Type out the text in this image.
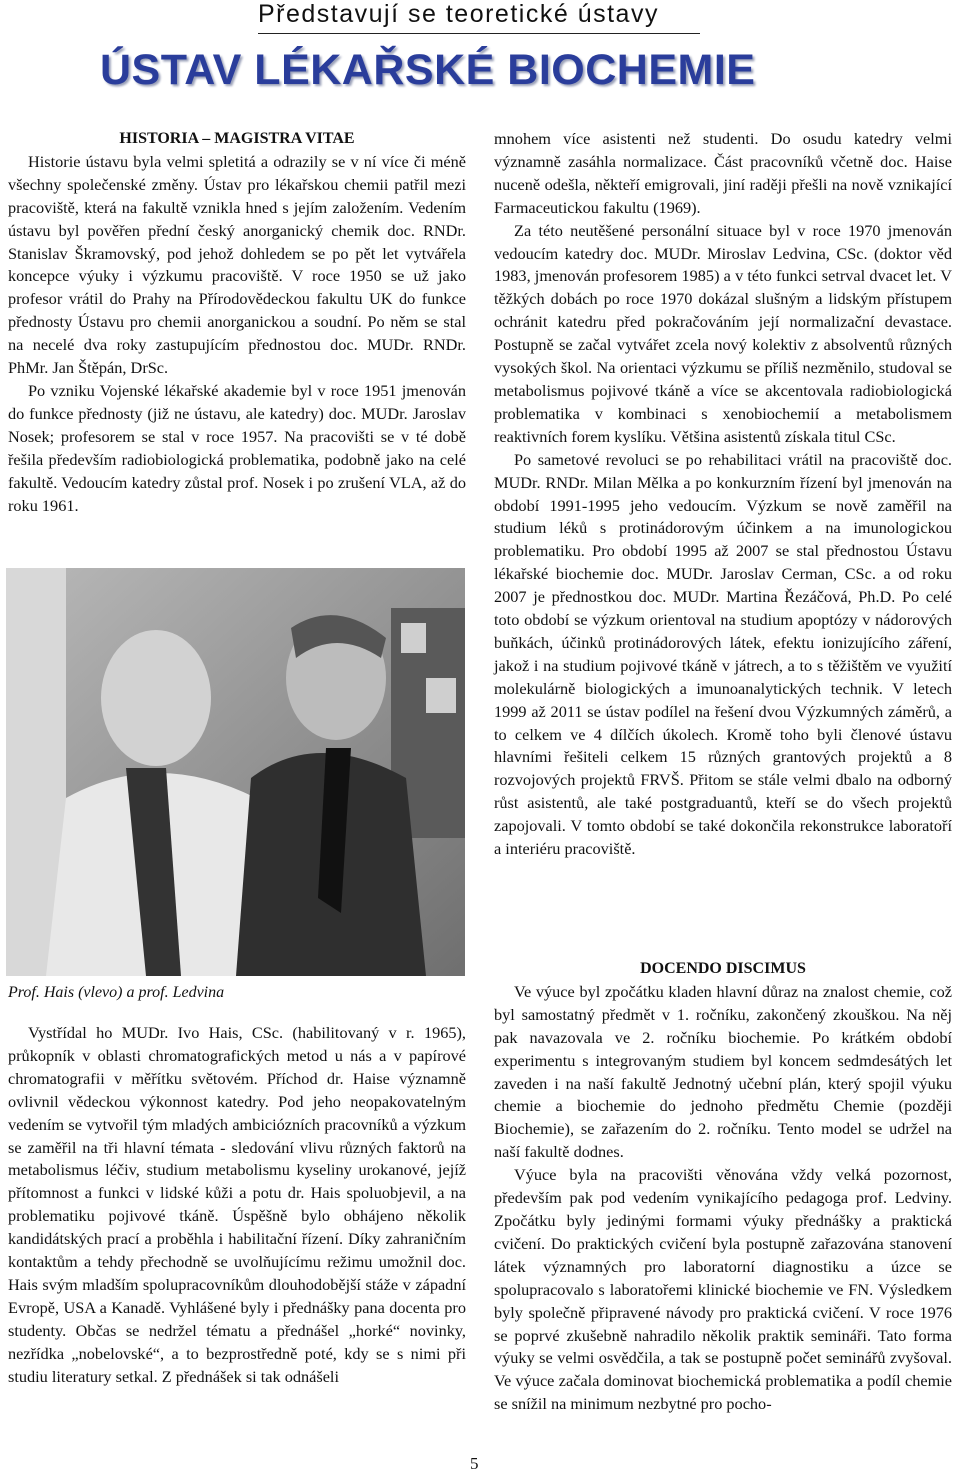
Představují se teoretické ústavy
ÚSTAV LÉKAŘSKÉ BIOCHEMIE
HISTORIA – MAGISTRA VITAE

Historie ústavu byla velmi spletitá a odrazily se v ní více či méně všechny společenské změny. Ústav pro lékařskou chemii patřil mezi pracoviště, která na fakultě vznikla hned s jejím založením. Vedením ústavu byl pověřen přední český anorganický chemik doc. RNDr. Stanislav Škramovský, pod jehož dohledem se po pět let vytvářela koncepce výuky i výzkumu pracoviště. V roce 1950 se už jako profesor vrátil do Prahy na Přírodovědeckou fakultu UK do funkce přednosty Ústavu pro chemii anorganickou a soudní. Po něm se stal na necelé dva roky zastupujícím přednostou doc. MUDr. RNDr. PhMr. Jan Štěpán, DrSc.

Po vzniku Vojenské lékařské akademie byl v roce 1951 jmenován do funkce přednosty (již ne ústavu, ale katedry) doc. MUDr. Jaroslav Nosek; profesorem se stal v roce 1957. Na pracovišti se v té době řešila především radiobiologická problematika, podobně jako na celé fakultě. Vedoucím katedry zůstal prof. Nosek i po zrušení VLA, až do roku 1961.

Prof. Hais (vlevo) a prof. Ledvina

Vystřídal ho MUDr. Ivo Hais, CSc. (habilitovaný v r. 1965), průkopník v oblasti chromatografických metod u nás a v papírové chromatografii v měřítku světovém. Příchod dr. Haise významně ovlivnil vědeckou výkonnost katedry. Pod jeho neopakovatelným vedením se vytvořil tým mladých ambiciózních pracovníků a výzkum se zaměřil na tři hlavní témata - sledování vlivu různých faktorů na metabolismus léčiv, studium metabolismu kyseliny urokanové, jejíž přítomnost a funkci v lidské kůži a potu dr. Hais spoluobjevil, a na problematiku pojivové tkáně. Úspěšně bylo obhájeno několik kandidátských prací a proběhla i habilitační řízení. Díky zahraničním kontaktům a tehdy přechodně se uvolňujícímu režimu umožnil doc. Hais svým mladším spolupracovníkům dlouhodobější stáže v západní Evropě, USA a Kanadě. Vyhlášené byly i přednášky pana docenta pro studenty. Občas se nedržel tématu a přednášel „horké“ novinky, nezřídka „nobelovské“, a to bezprostředně poté, kdy se s nimi při studiu literatury setkal. Z přednášek si tak odnášeli

mnohem více asistenti než studenti. Do osudu katedry velmi významně zasáhla normalizace. Část pracovníků včetně doc. Haise nuceně odešla, někteří emigrovali, jiní raději přešli na nově vznikající Farmaceutickou fakultu (1969).

Za této neutěšené personální situace byl v roce 1970 jmenován vedoucím katedry doc. MUDr. Miroslav Ledvina, CSc. (doktor věd 1983, jmenován profesorem 1985) a v této funkci setrval dvacet let. V těžkých dobách po roce 1970 dokázal slušným a lidským přístupem ochránit katedru před pokračováním její normalizační devastace. Postupně se začal vytvářet zcela nový kolektiv z absolventů různých vysokých škol. Na orientaci výzkumu se příliš nezměnilo, studoval se metabolismus pojivové tkáně a více se akcentovala radiobiologická problematika v kombinaci s xenobiochemií a metabolismem reaktivních forem kyslíku. Většina asistentů získala titul CSc.

Po sametové revoluci se po rehabilitaci vrátil na pracoviště doc. MUDr. RNDr. Milan Mělka a po konkurzním řízení byl jmenován na období 1991-1995 jeho vedoucím. Výzkum se nově zaměřil na studium léků s protinádorovým účinkem a na imunologickou problematiku. Pro období 1995 až 2007 se stal přednostou Ústavu lékařské biochemie doc. MUDr. Jaroslav Cerman, CSc. a od roku 2007 je přednostkou doc. MUDr. Martina Řezáčová, Ph.D. Po celé toto období se výzkum orientoval na studium apoptózy v nádorových buňkách, účinků protinádorových látek, efektu ionizujícího záření, jakož i na studium pojivové tkáně v játrech, a to s těžištěm ve využití molekulárně biologických a imunoanalytických technik. V letech 1999 až 2011 se ústav podílel na řešení dvou Výzkumných záměrů, a to celkem ve 4 dílčích úkolech. Kromě toho byli členové ústavu hlavními řešiteli celkem 15 různých grantových projektů a 8 rozvojových projektů FRVŠ. Přitom se stále velmi dbalo na odborný růst asistentů, ale také postgraduantů, kteří se do všech projektů zapojovali. V tomto období se také dokončila rekonstrukce laboratoří a interiéru pracoviště.

DOCENDO DISCIMUS

Ve výuce byl zpočátku kladen hlavní důraz na znalost chemie, což byl samostatný předmět v 1. ročníku, zakončený zkouškou. Na něj pak navazovala ve 2. ročníku biochemie. Po krátkém období experimentu s integrovaným studiem byl koncem sedmdesátých let zaveden i na naší fakultě Jednotný učební plán, který spojil výuku chemie a biochemie do jednoho předmětu Chemie (později Biochemie), se zařazením do 2. ročníku. Tento model se udržel na naší fakultě dodnes.

Výuce byla na pracovišti věnována vždy velká pozornost, především pak pod vedením vynikajícího pedagoga prof. Ledviny. Zpočátku byly jedinými formami výuky přednášky a praktická cvičení. Do praktických cvičení byla postupně zařazována stanovení látek významných pro laboratorní diagnostiku a úzce se spolupracovalo s laboratořemi klinické biochemie ve FN. Výsledkem byly společně připravené návody pro praktická cvičení. V roce 1976 se poprvé zkušebně nahradilo několik praktik semináři. Tato forma výuky se velmi osvědčila, a tak se postupně počet seminářů zvyšoval. Ve výuce začala dominovat biochemická problematika a podíl chemie se snížil na minimum nezbytné pro pocho-

5
